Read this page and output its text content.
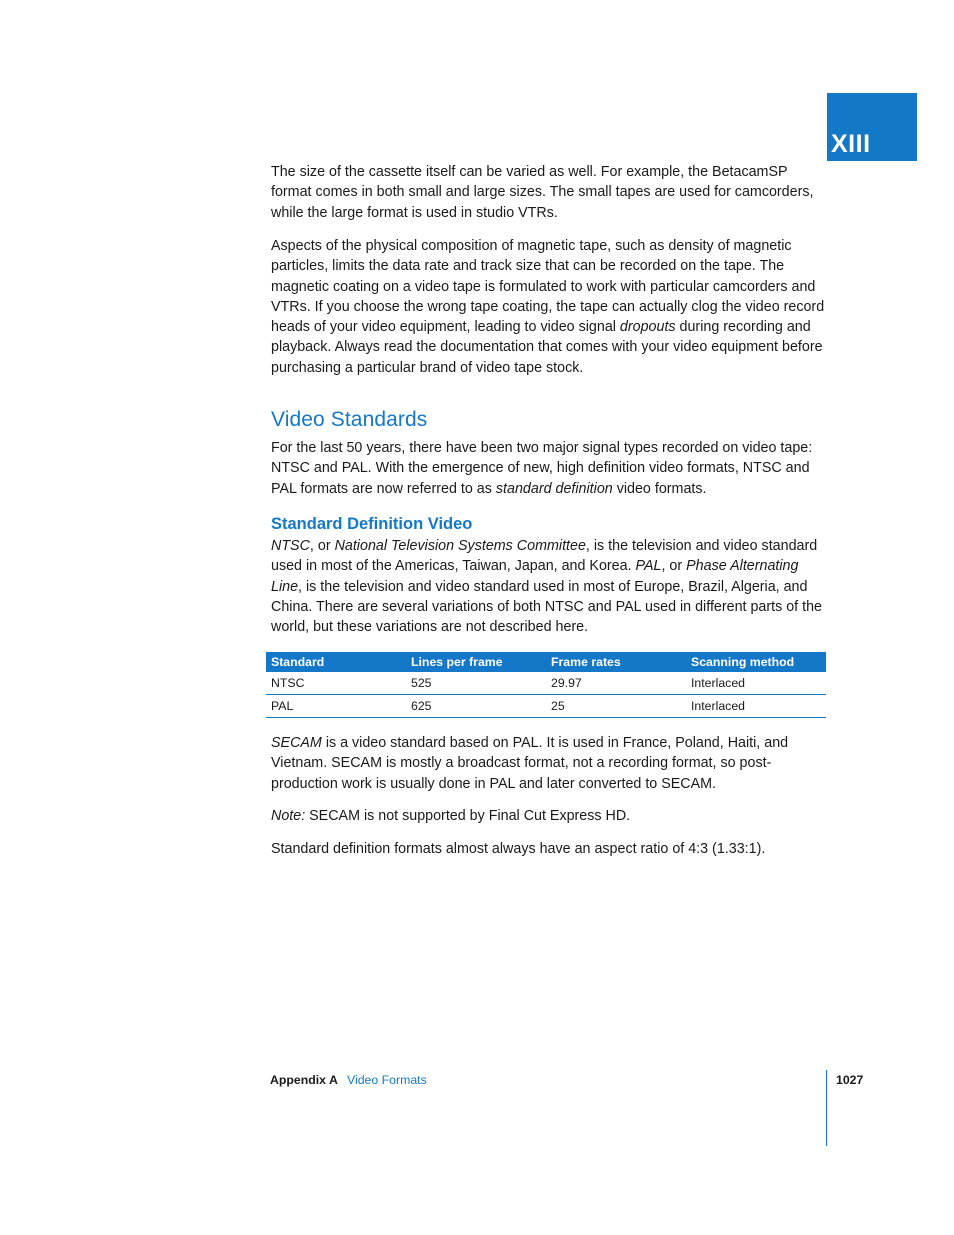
XIII

The size of the cassette itself can be varied as well. For example, the BetacamSP format comes in both small and large sizes. The small tapes are used for camcorders, while the large format is used in studio VTRs.

Aspects of the physical composition of magnetic tape, such as density of magnetic particles, limits the data rate and track size that can be recorded on the tape. The magnetic coating on a video tape is formulated to work with particular camcorders and VTRs. If you choose the wrong tape coating, the tape can actually clog the video record heads of your video equipment, leading to video signal dropouts during recording and playback. Always read the documentation that comes with your video equipment before purchasing a particular brand of video tape stock.

Video Standards

For the last 50 years, there have been two major signal types recorded on video tape: NTSC and PAL. With the emergence of new, high definition video formats, NTSC and PAL formats are now referred to as standard definition video formats.

Standard Definition Video

NTSC, or National Television Systems Committee, is the television and video standard used in most of the Americas, Taiwan, Japan, and Korea. PAL, or Phase Alternating Line, is the television and video standard used in most of Europe, Brazil, Algeria, and China. There are several variations of both NTSC and PAL used in different parts of the world, but these variations are not described here.

Standard	Lines per frame	Frame rates	Scanning method
NTSC	525	29.97	Interlaced
PAL	625	25	Interlaced

SECAM is a video standard based on PAL. It is used in France, Poland, Haiti, and Vietnam. SECAM is mostly a broadcast format, not a recording format, so post-production work is usually done in PAL and later converted to SECAM.

Note: SECAM is not supported by Final Cut Express HD.

Standard definition formats almost always have an aspect ratio of 4:3 (1.33:1).

Appendix A Video Formats	1027
